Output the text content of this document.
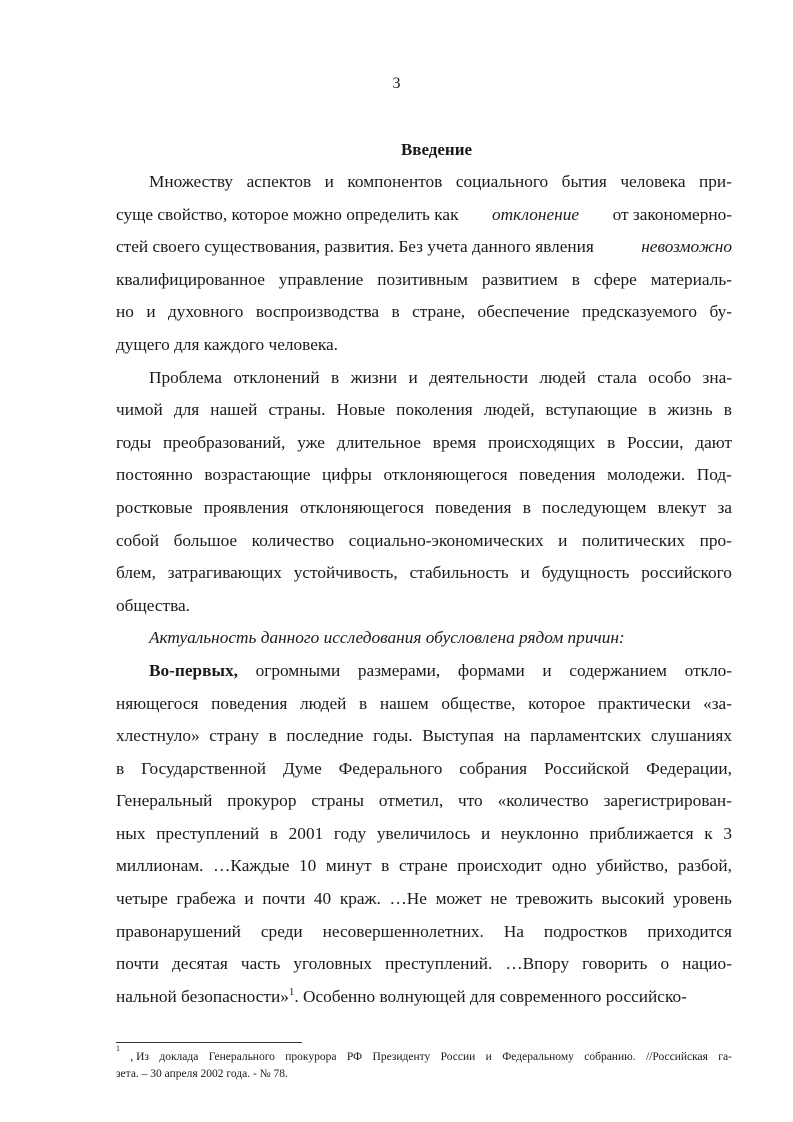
3
Введение
Множеству аспектов и компонентов социального бытия человека при-
суще свойство, которое можно определить как отклонение от закономерно-
стей своего существования, развития. Без учета данного явления	невозможно
квалифицированное управление позитивным развитием в сфере материаль-
но и духовного воспроизводства в стране, обеспечение предсказуемого бу-
дущего для каждого человека.
Проблема отклонений в жизни и деятельности людей стала особо зна-
чимой для нашей страны. Новые поколения людей, вступающие в жизнь в
годы преобразований, уже длительное время происходящих в России, дают
постоянно возрастающие цифры отклоняющегося поведения молодежи. Под-
ростковые проявления отклоняющегося поведения в последующем влекут за
собой большое количество социально-экономических и политических про-
блем, затрагивающих устойчивость, стабильность и будущность российского
общества.
Актуальность данного исследования обусловлена рядом причин:
Во-первых, огромными размерами, формами и содержанием откло-
няющегося поведения людей в нашем обществе, которое практически «за-
хлестнуло» страну в последние годы. Выступая на парламентских слушаниях
в Государственной Думе Федерального собрания Российской Федерации,
Генеральный прокурор страны отметил, что «количество зарегистрирован-
ных преступлений в 2001 году увеличилось и неуклонно приближается к 3
миллионам. …Каждые 10 минут в стране происходит одно убийство, разбой,
четыре грабежа и почти 40 краж. …Не может не тревожить высокий уровень
правонарушений среди несовершеннолетних. На подростков приходится
почти десятая часть уголовных преступлений. …Впору говорить о нацио-
нальной безопасности»$^1$. Особенно волнующей для современного российско-
1
, Из доклада Генерального прокурора РФ Президенту России и Федеральному собранию. //Российская га-
зета. – 30 апреля 2002 года. - № 78.
